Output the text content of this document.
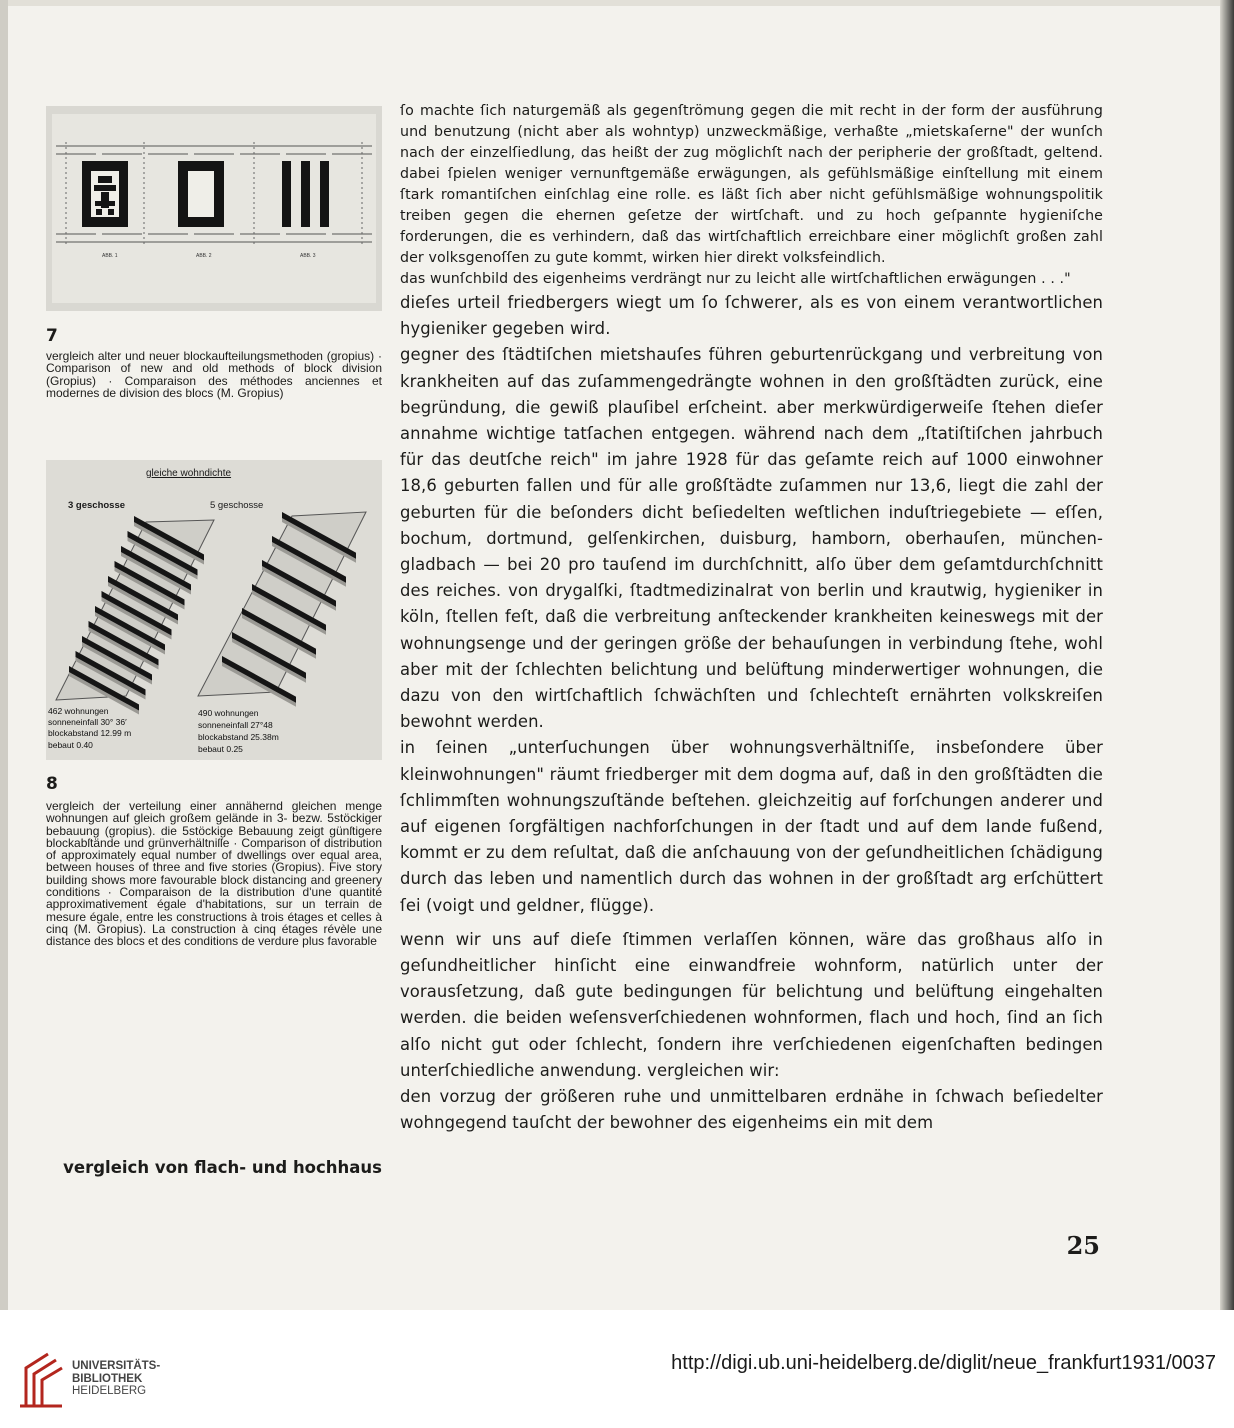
ABB. 1	ABB. 2	ABB. 3
7

vergleich alter und neuer blockaufteilungsmethoden (gropius) · Comparison of new and old methods of block division (Gropius) · Comparaison des méthodes anciennes et modernes de division des blocs (M. Gropius)

gleiche wohndichte
3 geschosse	5 geschosse
462 wohnungen
sonneneinfall 30° 36′
blockabstand 12.99 m
bebaut 0.40
490 wohnungen
sonneneinfall 27°48
blockabstand 25.38m
bebaut 0.25
8

vergleich der verteilung einer annähernd gleichen menge wohnungen auf gleich großem gelände in 3- bezw. 5stöckiger bebauung (gropius). die 5stöckige Bebauung zeigt günſtigere blockabſtände und grünverhältniſſe · Comparison of distribution of approximately equal number of dwellings over equal area, between houses of three and five stories (Gropius). Five story building shows more favourable block distancing and greenery conditions · Comparaison de la distribution d'une quantité approximativement égale d'habitations, sur un terrain de mesure égale, entre les constructions à trois étages et celles à cinq (M. Gropius). La construction à cinq étages révèle une distance des blocs et des conditions de verdure plus favorable

vergleich von flach- und hochhaus

ſo machte ſich naturgemäß als gegenſtrömung gegen die mit recht in der form der ausführung und benutzung (nicht aber als wohntyp) unzweckmäßige, verhaßte „mietskaſerne" der wunſch nach der einzelſiedlung, das heißt der zug möglichſt nach der peripherie der großſtadt, geltend. dabei ſpielen weniger vernunftgemäße erwägungen, als gefühlsmäßige einſtellung mit einem ſtark romantiſchen einſchlag eine rolle. es läßt ſich aber nicht gefühlsmäßige wohnungspolitik treiben gegen die ehernen geſetze der wirtſchaft. und zu hoch geſpannte hygieniſche forderungen, die es verhindern, daß das wirtſchaftlich erreichbare einer möglichſt großen zahl der volksgenoſſen zu gute kommt, wirken hier direkt volksfeindlich.

das wunſchbild des eigenheims verdrängt nur zu leicht alle wirtſchaftlichen erwägungen . . ."

dieſes urteil friedbergers wiegt um ſo ſchwerer, als es von einem verantwortlichen hygieniker gegeben wird.

gegner des ſtädtiſchen mietshauſes führen geburtenrückgang und verbreitung von krankheiten auf das zuſammengedrängte wohnen in den großſtädten zurück, eine begründung, die gewiß plauſibel erſcheint. aber merkwürdigerweiſe ſtehen dieſer annahme wichtige tatſachen entgegen. während nach dem „ſtatiſtiſchen jahrbuch für das deutſche reich" im jahre 1928 für das geſamte reich auf 1000 einwohner 18,6 geburten fallen und für alle großſtädte zuſammen nur 13,6, liegt die zahl der geburten für die beſonders dicht beſiedelten weſtlichen induſtriegebiete — eſſen, bochum, dortmund, gelſenkirchen, duisburg, hamborn, oberhauſen, münchen-gladbach — bei 20 pro tauſend im durchſchnitt, alſo über dem geſamtdurchſchnitt des reiches. von drygalſki, ſtadtmedizinalrat von berlin und krautwig, hygieniker in köln, ſtellen feſt, daß die verbreitung anſteckender krankheiten keineswegs mit der wohnungsenge und der geringen größe der behauſungen in verbindung ſtehe, wohl aber mit der ſchlechten belichtung und belüftung minderwertiger wohnungen, die dazu von den wirtſchaftlich ſchwächſten und ſchlechteſt ernährten volkskreiſen bewohnt werden.

in ſeinen „unterſuchungen über wohnungsverhältniſſe, insbeſondere über kleinwohnungen" räumt friedberger mit dem dogma auf, daß in den großſtädten die ſchlimmſten wohnungszuſtände beſtehen. gleichzeitig auf forſchungen anderer und auf eigenen ſorgfältigen nachforſchungen in der ſtadt und auf dem lande fußend, kommt er zu dem reſultat, daß die anſchauung von der geſundheitlichen ſchädigung durch das leben und namentlich durch das wohnen in der großſtadt arg erſchüttert ſei (voigt und geldner, flügge).

wenn wir uns auf dieſe ſtimmen verlaſſen können, wäre das großhaus alſo in geſundheitlicher hinſicht eine einwandfreie wohnform, natürlich unter der vorausſetzung, daß gute bedingungen für belichtung und belüftung eingehalten werden. die beiden weſensverſchiedenen wohnformen, flach und hoch, ſind an ſich alſo nicht gut oder ſchlecht, ſondern ihre verſchiedenen eigenſchaften bedingen unterſchiedliche anwendung. vergleichen wir:

den vorzug der größeren ruhe und unmittelbaren erdnähe in ſchwach beſiedelter wohngegend tauſcht der bewohner des eigenheims ein mit dem

25
UNIVERSITÄTS-
BIBLIOTHEK
HEIDELBERG
http://digi.ub.uni-heidelberg.de/diglit/neue_frankfurt1931/0037
